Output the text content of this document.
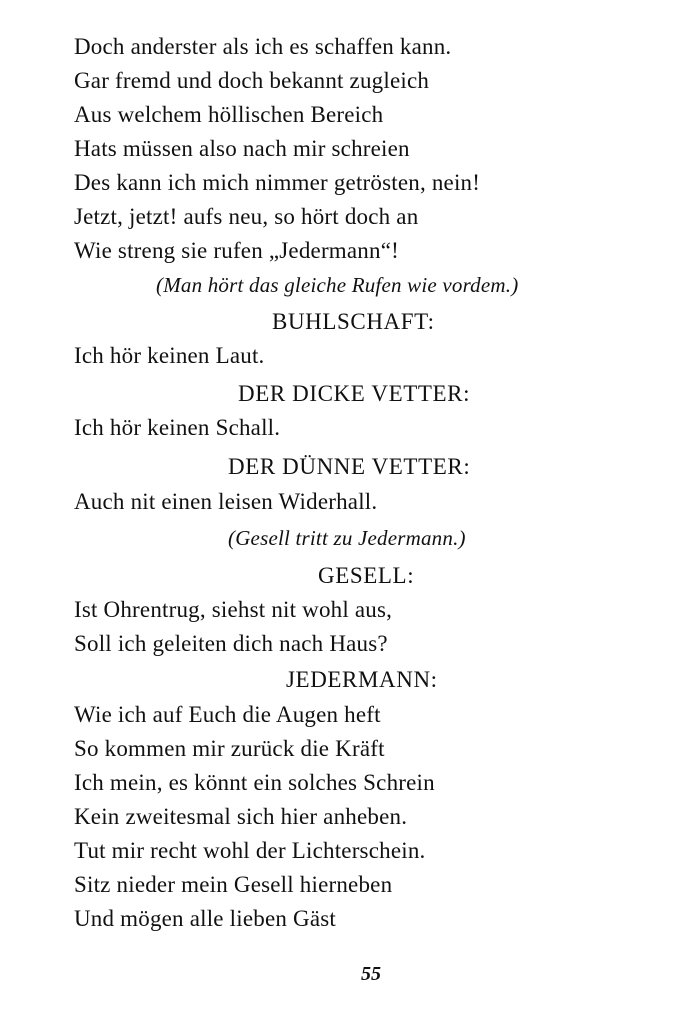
Doch anderster als ich es schaffen kann.
Gar fremd und doch bekannt zugleich
Aus welchem höllischen Bereich
Hats müssen also nach mir schreien
Des kann ich mich nimmer getrösten, nein!
Jetzt, jetzt! aufs neu, so hört doch an
Wie streng sie rufen „Jedermann“!
(Man hört das gleiche Rufen wie vordem.)
BUHLSCHAFT:
Ich hör keinen Laut.
DER DICKE VETTER:
Ich hör keinen Schall.
DER DÜNNE VETTER:
Auch nit einen leisen Widerhall.
(Gesell tritt zu Jedermann.)
GESELL:
Ist Ohrentrug, siehst nit wohl aus,
Soll ich geleiten dich nach Haus?
JEDERMANN:
Wie ich auf Euch die Augen heft
So kommen mir zurück die Kräft
Ich mein, es könnt ein solches Schrein
Kein zweitesmal sich hier anheben.
Tut mir recht wohl der Lichterschein.
Sitz nieder mein Gesell hierneben
Und mögen alle lieben Gäst
55
